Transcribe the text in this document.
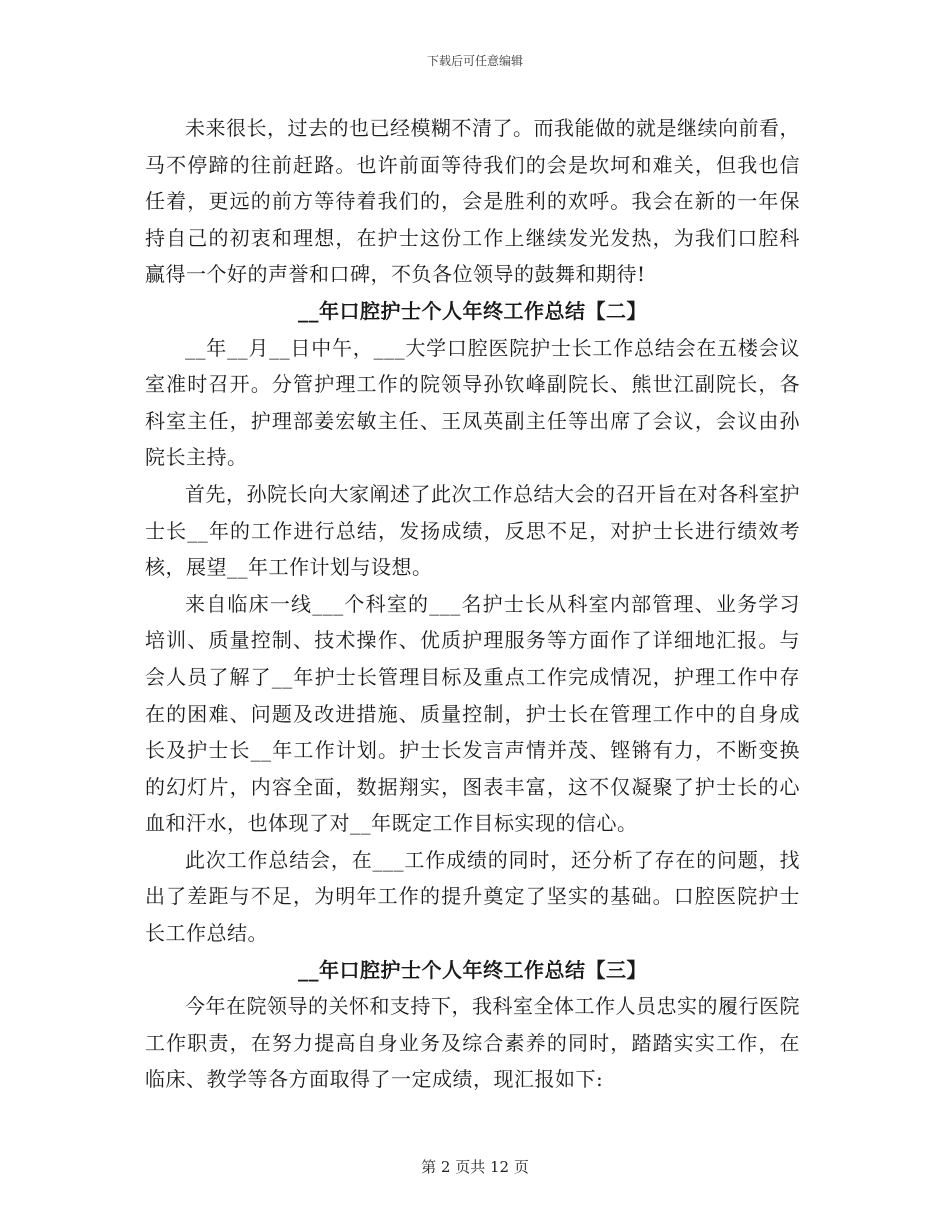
下载后可任意编辑

未来很长，过去的也已经模糊不清了。而我能做的就是继续向前看，马不停蹄的往前赶路。也许前面等待我们的会是坎坷和难关，但我也信任着，更远的前方等待着我们的，会是胜利的欢呼。我会在新的一年保持自己的初衷和理想，在护士这份工作上继续发光发热，为我们口腔科赢得一个好的声誉和口碑，不负各位领导的鼓舞和期待!

__年口腔护士个人年终工作总结【二】

__年__月__日中午，___大学口腔医院护士长工作总结会在五楼会议室准时召开。分管护理工作的院领导孙钦峰副院长、熊世江副院长，各科室主任，护理部姜宏敏主任、王凤英副主任等出席了会议，会议由孙院长主持。

首先，孙院长向大家阐述了此次工作总结大会的召开旨在对各科室护士长__年的工作进行总结，发扬成绩，反思不足，对护士长进行绩效考核，展望__年工作计划与设想。

来自临床一线___个科室的___名护士长从科室内部管理、业务学习培训、质量控制、技术操作、优质护理服务等方面作了详细地汇报。与会人员了解了__年护士长管理目标及重点工作完成情况，护理工作中存在的困难、问题及改进措施、质量控制，护士长在管理工作中的自身成长及护士长__年工作计划。护士长发言声情并茂、铿锵有力，不断变换的幻灯片，内容全面，数据翔实，图表丰富，这不仅凝聚了护士长的心血和汗水，也体现了对__年既定工作目标实现的信心。

此次工作总结会，在___工作成绩的同时，还分析了存在的问题，找出了差距与不足，为明年工作的提升奠定了坚实的基础。口腔医院护士长工作总结。

__年口腔护士个人年终工作总结【三】

今年在院领导的关怀和支持下，我科室全体工作人员忠实的履行医院工作职责，在努力提高自身业务及综合素养的同时，踏踏实实工作，在临床、教学等各方面取得了一定成绩，现汇报如下:

第 2 页共 12 页
